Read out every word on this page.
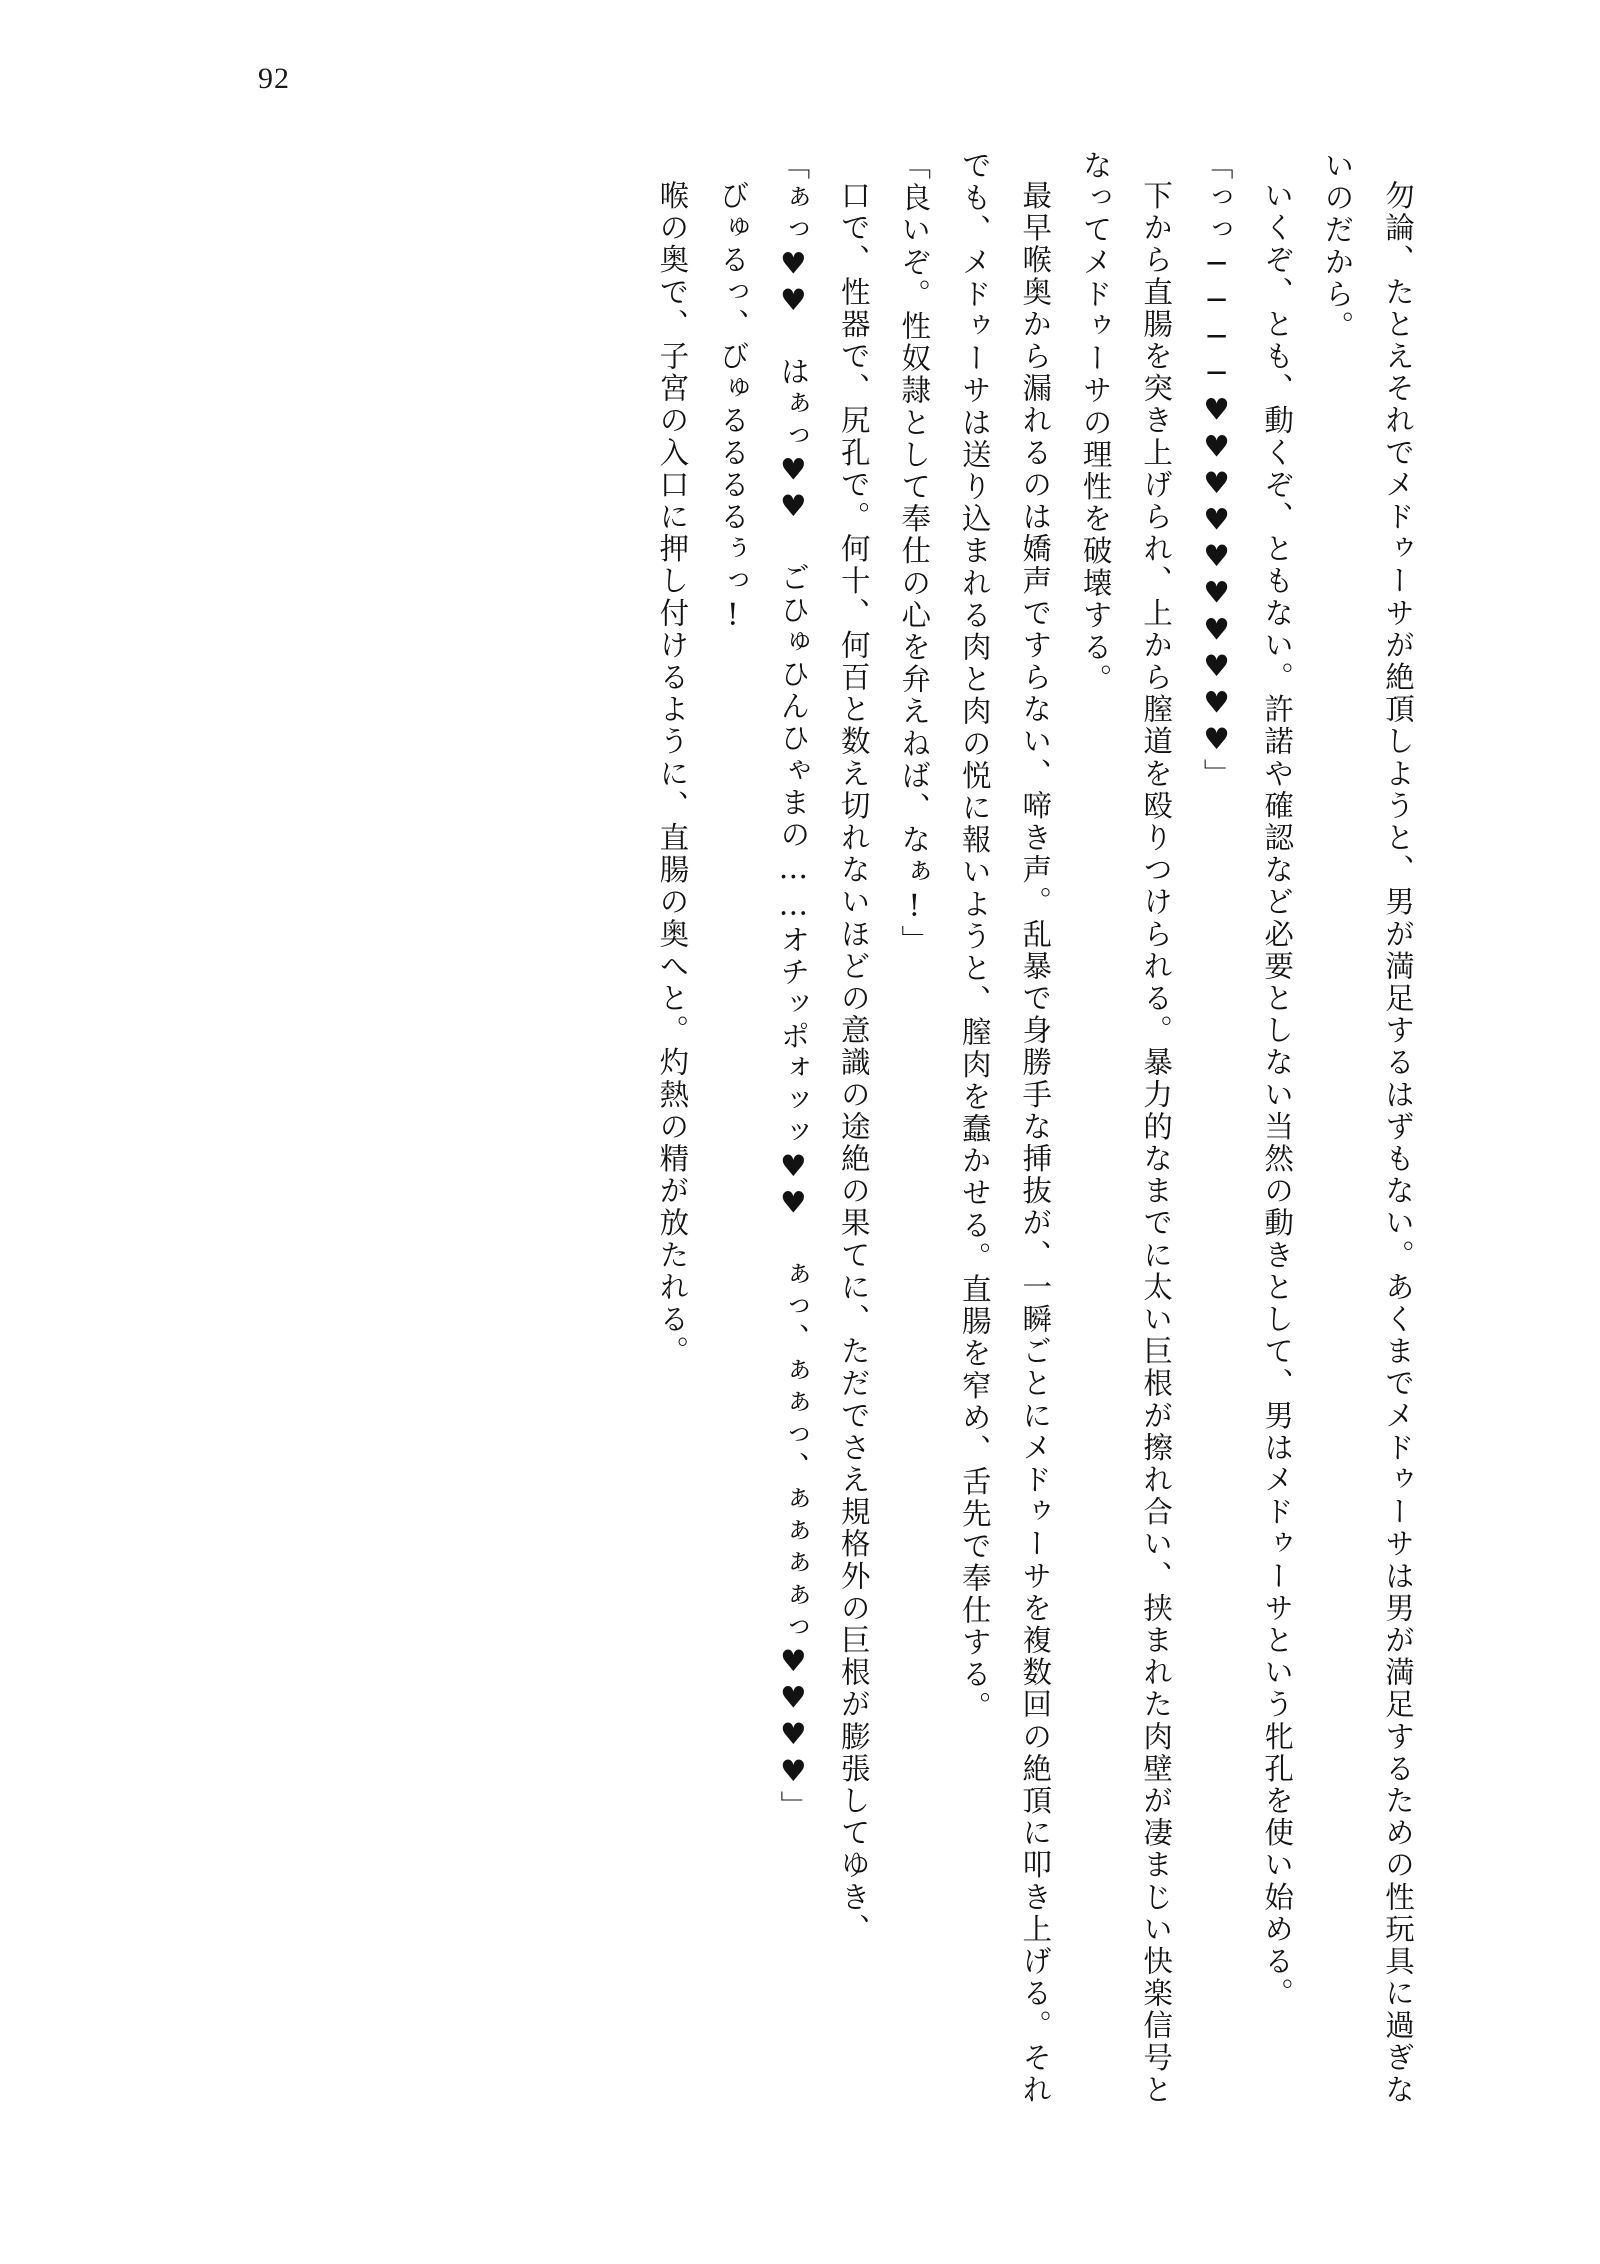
92

勿論、たとえそれでメドゥーサが絶頂しようと、男が満足するはずもない。あくまでメドゥーサは男が満足するための性玩具に過ぎないのだから。

いくぞ、とも、動くぞ、ともない。許諾や確認など必要としない当然の動きとして、男はメドゥーサという牝孔を使い始める。

「っっ────♥♥♥♥♥♥♥♥♥♥」

下から直腸を突き上げられ、上から膣道を殴りつけられる。暴力的なまでに太い巨根が擦れ合い、挟まれた肉壁が凄まじい快楽信号となってメドゥーサの理性を破壊する。

最早喉奥から漏れるのは嬌声ですらない、啼き声。乱暴で身勝手な挿抜が、一瞬ごとにメドゥーサを複数回の絶頂に叩き上げる。それでも、メドゥーサは送り込まれる肉と肉の悦に報いようと、膣肉を蠢かせる。直腸を窄め、舌先で奉仕する。

「良いぞ。性奴隷として奉仕の心を弁えねば、なぁ!」

口で、性器で、尻孔で。何十、何百と数え切れないほどの意識の途絶の果てに、ただでさえ規格外の巨根が膨張してゆき、

「ぁっ♥♥ はぁっ♥♥ ごひゅひんひゃまの……オチッポォッッ♥♥ ぁっ、ぁぁっ、ぁぁぁぁっ♥♥♥♥」

びゅるっ、びゅるるるるぅっ!

喉の奥で、子宮の入口に押し付けるように、直腸の奥へと。灼熱の精が放たれる。
